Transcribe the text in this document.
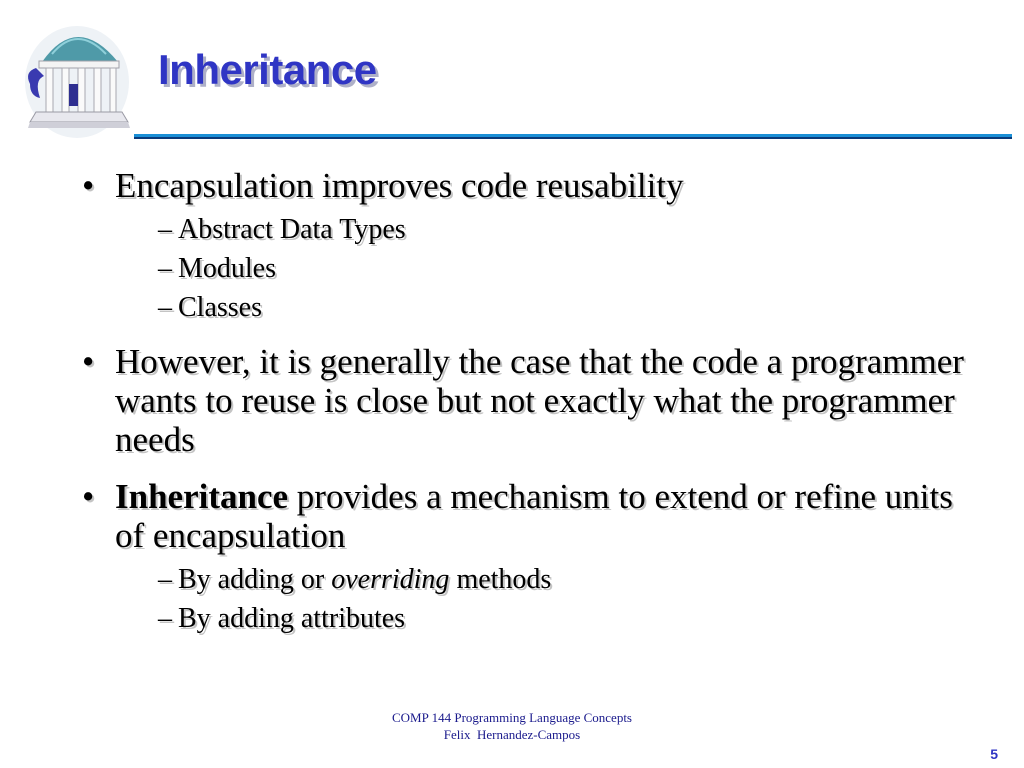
Inheritance
• Encapsulation improves code reusability
– Abstract Data Types
– Modules
– Classes
• However, it is generally the case that the code a programmer wants to reuse is close but not exactly what the programmer needs
• Inheritance provides a mechanism to extend or refine units of encapsulation
– By adding or overriding methods
– By adding attributes
COMP 144 Programming Language Concepts
Felix  Hernandez-Campos
5
